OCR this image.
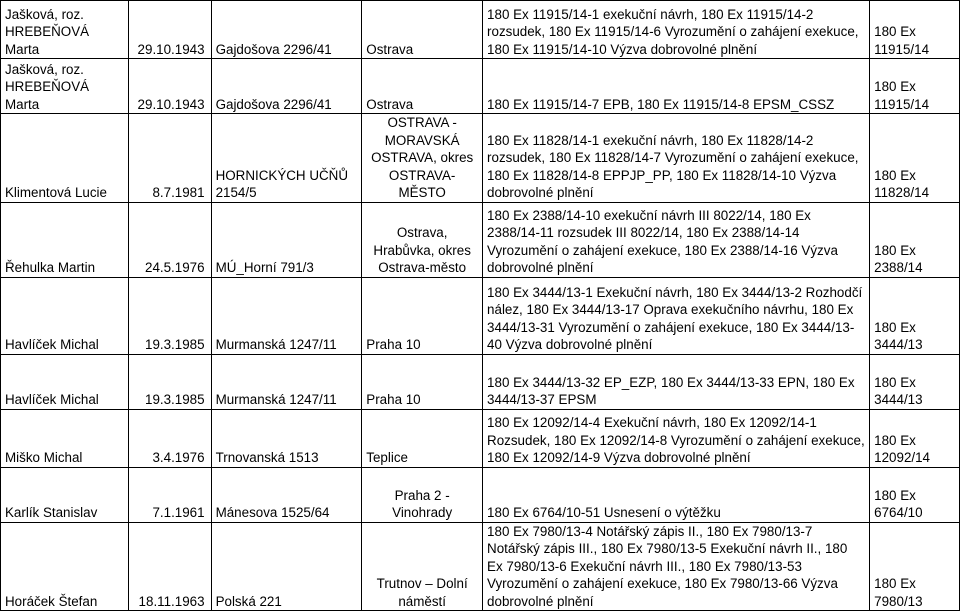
Jašková, roz. HREBEŇOVÁ Marta	29.10.1943	Gajdošova 2296/41	Ostrava	180 Ex 11915/14-1 exekuční návrh, 180 Ex 11915/14-2 rozsudek, 180 Ex 11915/14-6 Vyrozumění o zahájení exekuce, 180 Ex 11915/14-10 Výzva dobrovolné plnění	180 Ex 11915/14
Jašková, roz. HREBEŇOVÁ Marta	29.10.1943	Gajdošova 2296/41	Ostrava	180 Ex 11915/14-7 EPB, 180 Ex 11915/14-8 EPSM_CSSZ	180 Ex 11915/14
Klimentová Lucie	8.7.1981	HORNICKÝCH UČŇŮ 2154/5	OSTRAVA - MORAVSKÁ OSTRAVA, okres OSTRAVA-MĚSTO	180 Ex 11828/14-1 exekuční návrh, 180 Ex 11828/14-2 rozsudek, 180 Ex 11828/14-7 Vyrozumění o zahájení exekuce, 180 Ex 11828/14-8 EPPJP_PP, 180 Ex 11828/14-10 Výzva dobrovolné plnění	180 Ex 11828/14
Řehulka Martin	24.5.1976	MÚ_Horní 791/3	Ostrava, Hrabůvka, okres Ostrava-město	180 Ex 2388/14-10 exekuční návrh III 8022/14, 180 Ex 2388/14-11 rozsudek III 8022/14, 180 Ex 2388/14-14 Vyrozumění o zahájení exekuce, 180 Ex 2388/14-16 Výzva dobrovolné plnění	180 Ex 2388/14
Havlíček Michal	19.3.1985	Murmanská 1247/11	Praha 10	180 Ex 3444/13-1 Exekuční návrh, 180 Ex 3444/13-2 Rozhodčí nález, 180 Ex 3444/13-17 Oprava exekučního návrhu, 180 Ex 3444/13-31 Vyrozumění o zahájení exekuce, 180 Ex 3444/13-40 Výzva dobrovolné plnění	180 Ex 3444/13
Havlíček Michal	19.3.1985	Murmanská 1247/11	Praha 10	180 Ex 3444/13-32 EP_EZP, 180 Ex 3444/13-33 EPN, 180 Ex 3444/13-37 EPSM	180 Ex 3444/13
Miško Michal	3.4.1976	Trnovanská 1513	Teplice	180 Ex 12092/14-4 Exekuční návrh, 180 Ex 12092/14-1 Rozsudek, 180 Ex 12092/14-8 Vyrozumění o zahájení exekuce, 180 Ex 12092/14-9 Výzva dobrovolné plnění	180 Ex 12092/14
Karlík Stanislav	7.1.1961	Mánesova 1525/64	Praha 2 - Vinohrady	180 Ex 6764/10-51 Usnesení o výtěžku	180 Ex 6764/10
Horáček Štefan	18.11.1963	Polská 221	Trutnov – Dolní náměstí	180 Ex 7980/13-4 Notářský zápis II., 180 Ex 7980/13-7 Notářský zápis III., 180 Ex 7980/13-5 Exekuční návrh II., 180 Ex 7980/13-6 Exekuční návrh III., 180 Ex 7980/13-53 Vyrozumění o zahájení exekuce, 180 Ex 7980/13-66 Výzva dobrovolné plnění	180 Ex 7980/13
